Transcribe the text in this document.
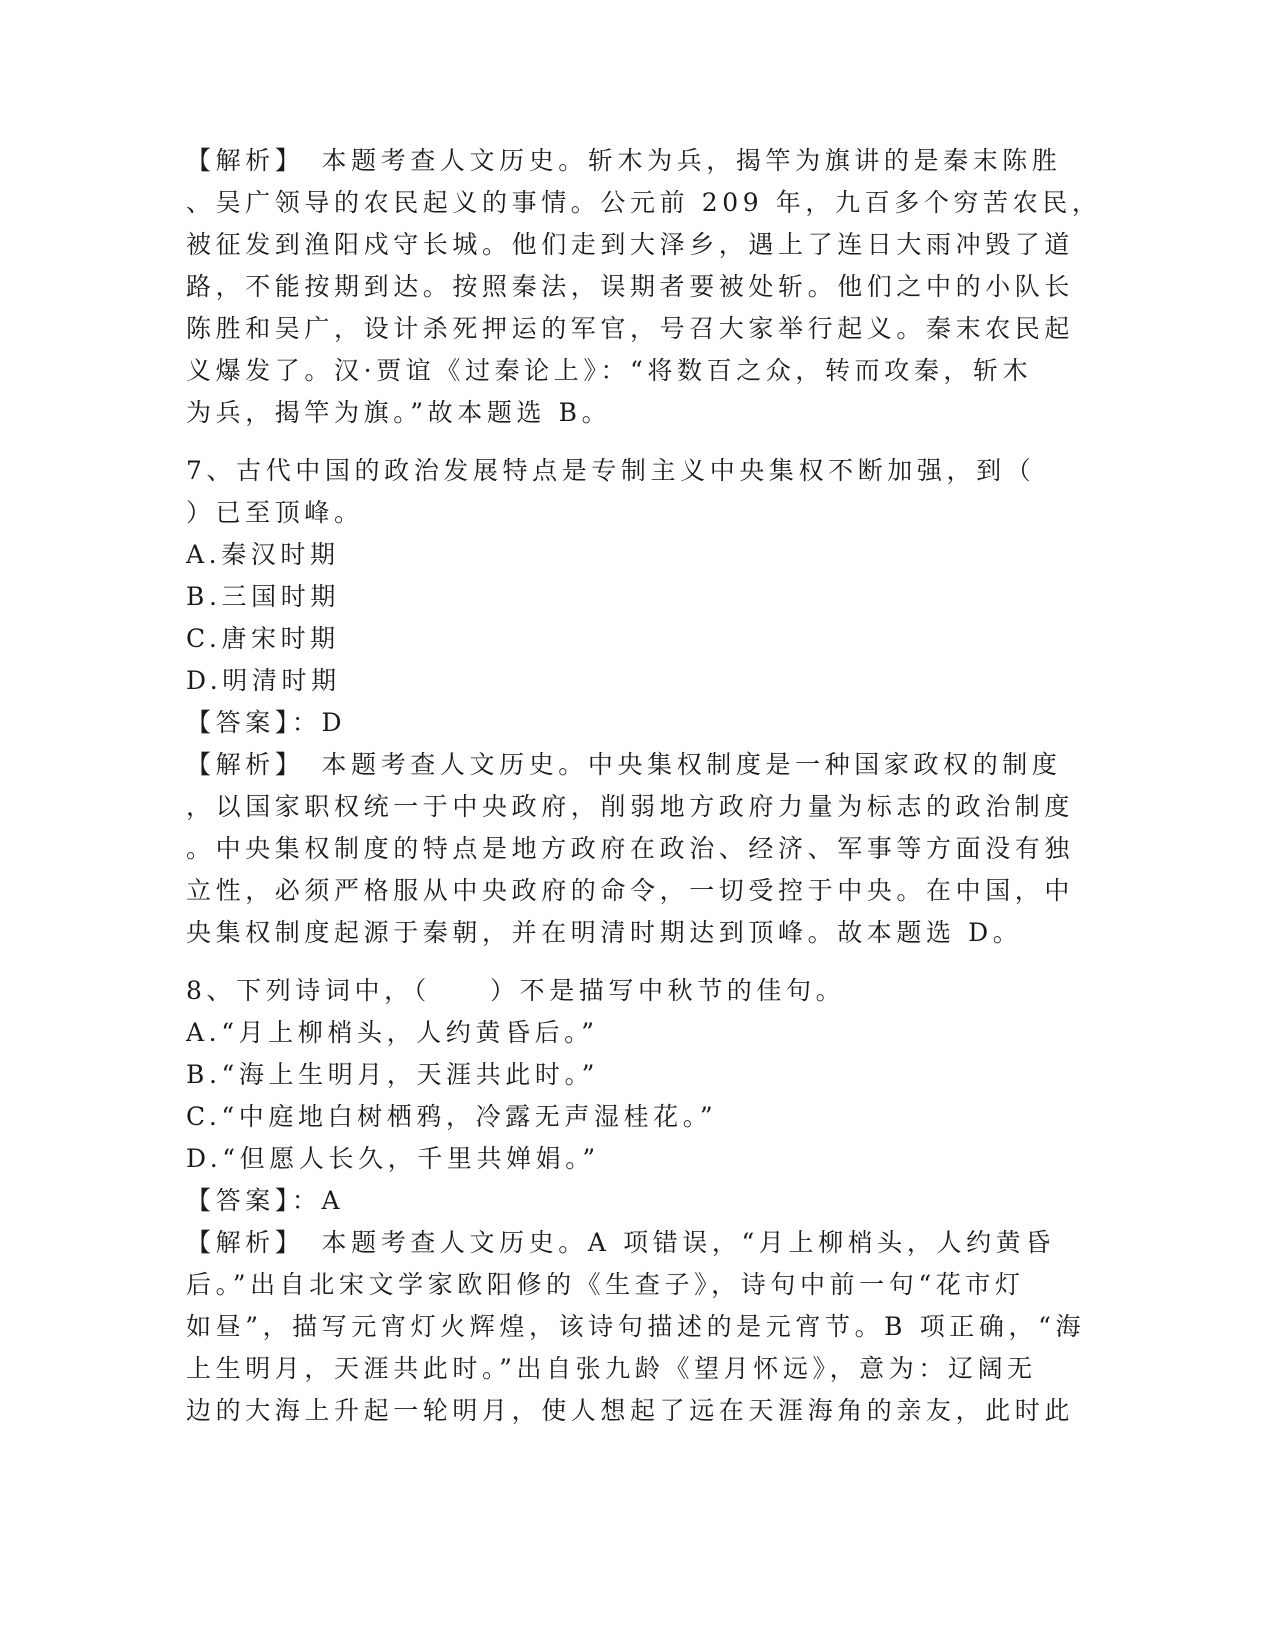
【解析】　本题考查人文历史。斩木为兵，揭竿为旗讲的是秦末陈胜

、吴广领导的农民起义的事情。公元前 209 年，九百多个穷苦农民，

被征发到渔阳戍守长城。他们走到大泽乡，遇上了连日大雨冲毁了道

路，不能按期到达。按照秦法，误期者要被处斩。他们之中的小队长

陈胜和吴广，设计杀死押运的军官，号召大家举行起义。秦末农民起

义爆发了。汉·贾谊《过秦论上》：“将数百之众，转而攻秦，斩木

为兵，揭竿为旗。”故本题选 B。

7、古代中国的政治发展特点是专制主义中央集权不断加强，到（

）已至顶峰。

A.秦汉时期

B.三国时期

C.唐宋时期

D.明清时期

【答案】：D

【解析】　本题考查人文历史。中央集权制度是一种国家政权的制度

，以国家职权统一于中央政府，削弱地方政府力量为标志的政治制度

。中央集权制度的特点是地方政府在政治、经济、军事等方面没有独

立性，必须严格服从中央政府的命令，一切受控于中央。在中国，中

央集权制度起源于秦朝，并在明清时期达到顶峰。故本题选 D。

8、下列诗词中，（　　）不是描写中秋节的佳句。

A.“月上柳梢头，人约黄昏后。”

B.“海上生明月，天涯共此时。”

C.“中庭地白树栖鸦，冷露无声湿桂花。”

D.“但愿人长久，千里共婵娟。”

【答案】：A

【解析】　本题考查人文历史。A 项错误，“月上柳梢头，人约黄昏

后。”出自北宋文学家欧阳修的《生查子》，诗句中前一句“花市灯

如昼”，描写元宵灯火辉煌，该诗句描述的是元宵节。B 项正确，“海

上生明月，天涯共此时。”出自张九龄《望月怀远》，意为：辽阔无

边的大海上升起一轮明月，使人想起了远在天涯海角的亲友，此时此
